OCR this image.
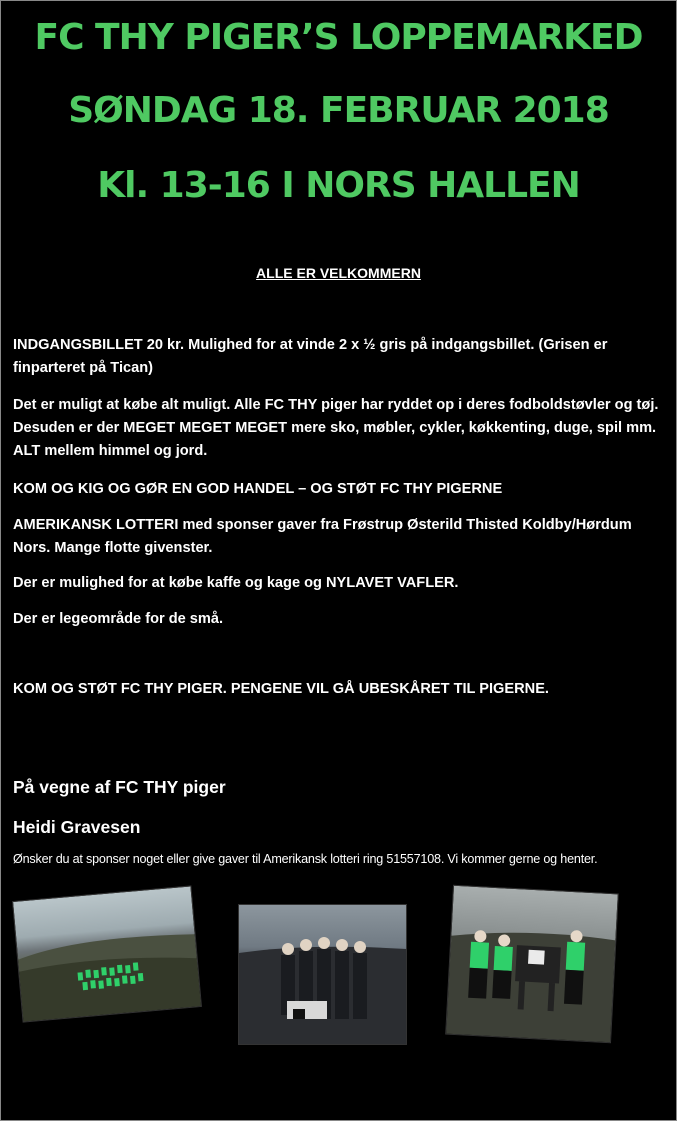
FC THY PIGER’S LOPPEMARKED
SØNDAG 18. FEBRUAR 2018
Kl. 13-16 I NORS HALLEN
ALLE ER VELKOMMERN

INDGANGSBILLET 20 kr. Mulighed for at vinde 2 x ½ gris på indgangsbillet. (Grisen er finparteret på Tican)

Det er muligt at købe alt muligt. Alle FC THY piger har ryddet op i deres fodboldstøvler og tøj. Desuden er der MEGET MEGET MEGET mere sko, møbler, cykler, køkkenting, duge, spil mm. ALT mellem himmel og jord.

KOM OG KIG OG GØR EN GOD HANDEL – OG STØT FC THY PIGERNE

AMERIKANSK LOTTERI med sponser gaver fra Frøstrup Østerild Thisted Koldby/Hørdum Nors. Mange flotte givenster.

Der er mulighed for at købe kaffe og kage og NYLAVET VAFLER.

Der er legeområde for de små.

KOM OG STØT FC THY PIGER. PENGENE VIL GÅ UBESKÅRET TIL PIGERNE.

På vegne af FC THY piger
Heidi Gravesen
Ønsker du at sponser noget eller give gaver til Amerikansk lotteri ring 51557108. Vi kommer gerne og henter.
